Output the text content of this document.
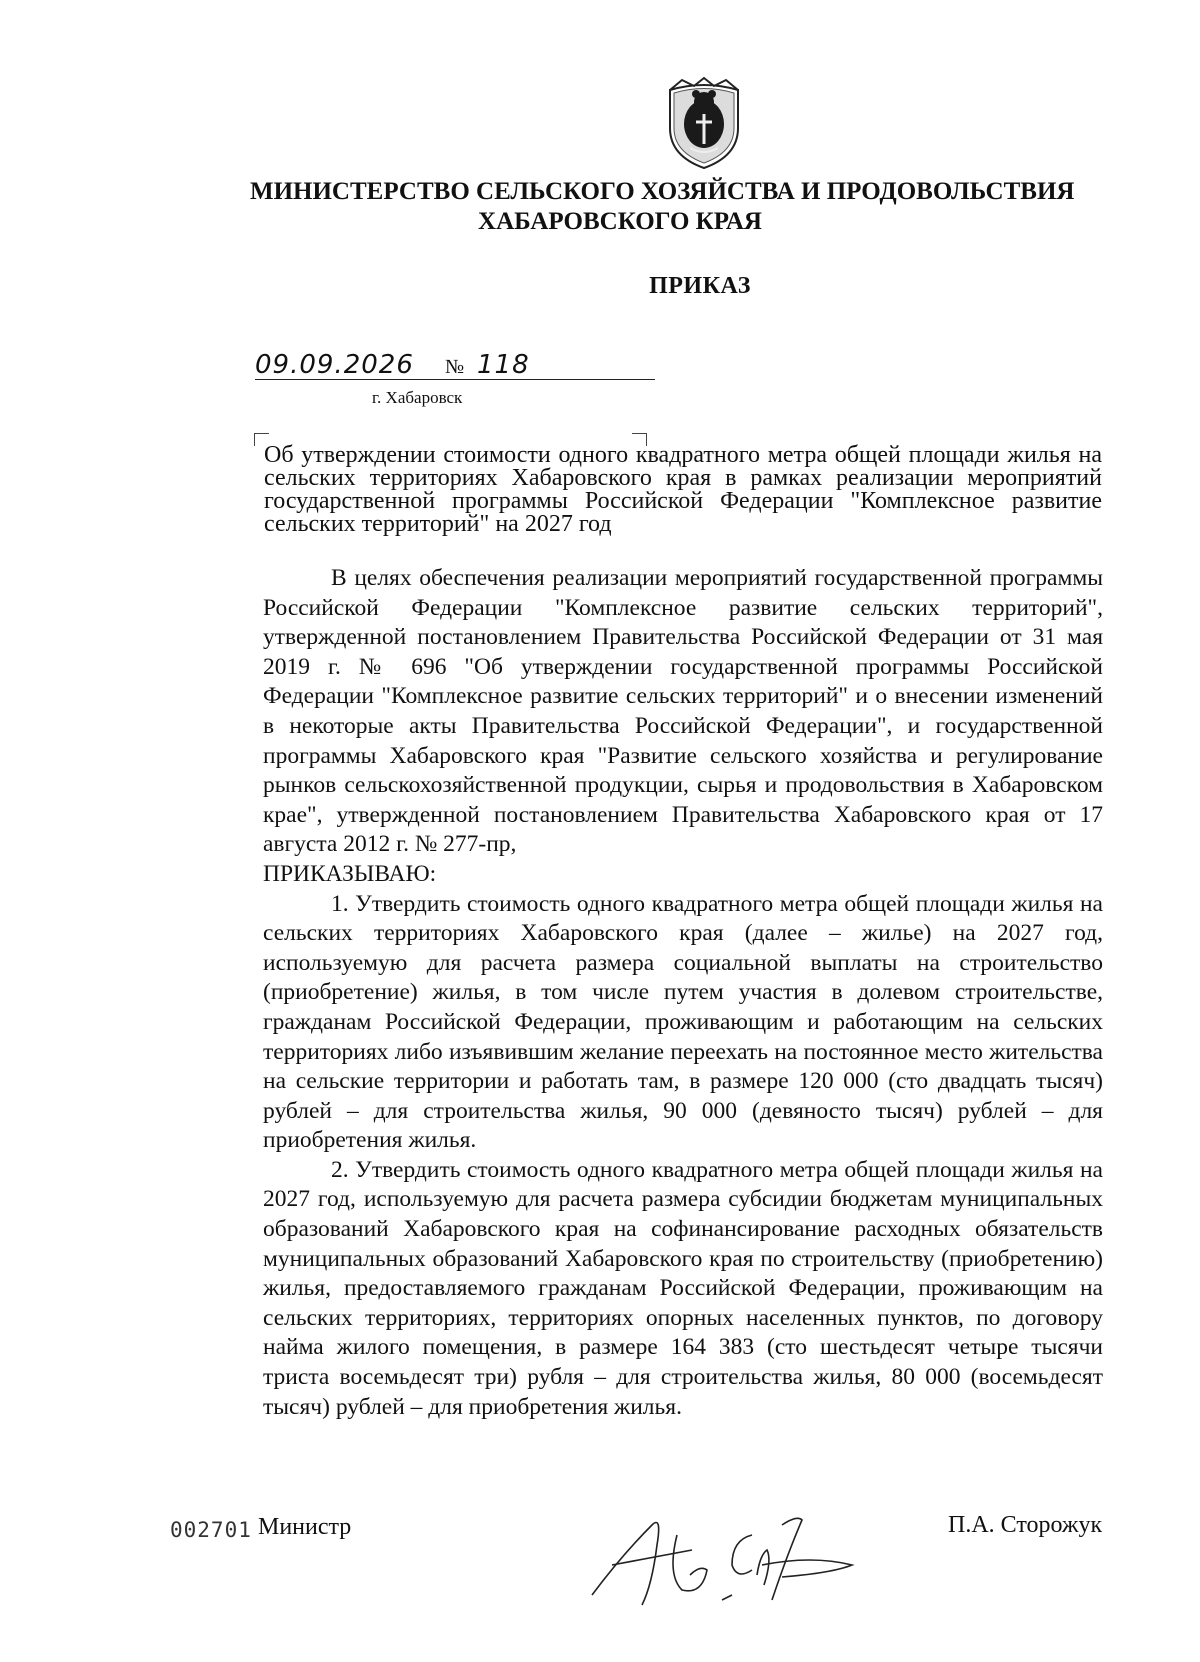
МИНИСТЕРСТВО СЕЛЬСКОГО ХОЗЯЙСТВА И ПРОДОВОЛЬСТВИЯ
ХАБАРОВСКОГО КРАЯ
ПРИКАЗ
09.09.2026 № 118
г. Хабаровск
Об утверждении стоимости одного квадратного метра общей площади жилья на сельских территориях Хабаровского края в рамках реализации мероприятий государственной программы Российской Федерации "Комплексное развитие сельских территорий" на 2027 год

В целях обеспечения реализации мероприятий государственной программы Российской Федерации "Комплексное развитие сельских территорий", утвержденной постановлением Правительства Российской Федерации от 31 мая 2019 г. № 696 "Об утверждении государственной программы Российской Федерации "Комплексное развитие сельских территорий" и о внесении изменений в некоторые акты Правительства Российской Федерации", и государственной программы Хабаровского края "Развитие сельского хозяйства и регулирование рынков сельскохозяйственной продукции, сырья и продовольствия в Хабаровском крае", утвержденной постановлением Правительства Хабаровского края от 17 августа 2012 г. № 277-пр,

ПРИКАЗЫВАЮ:

1. Утвердить стоимость одного квадратного метра общей площади жилья на сельских территориях Хабаровского края (далее – жилье) на 2027 год, используемую для расчета размера социальной выплаты на строительство (приобретение) жилья, в том числе путем участия в долевом строительстве, гражданам Российской Федерации, проживающим и работающим на сельских территориях либо изъявившим желание переехать на постоянное место жительства на сельские территории и работать там, в размере 120 000 (сто двадцать тысяч) рублей – для строительства жилья, 90 000 (девяносто тысяч) рублей – для приобретения жилья.

2. Утвердить стоимость одного квадратного метра общей площади жилья на 2027 год, используемую для расчета размера субсидии бюджетам муниципальных образований Хабаровского края на софинансирование расходных обязательств муниципальных образований Хабаровского края по строительству (приобретению) жилья, предоставляемого гражданам Российской Федерации, проживающим на сельских территориях, территориях опорных населенных пунктов, по договору найма жилого помещения, в размере 164 383 (сто шестьдесят четыре тысячи триста восемьдесят три) рубля – для строительства жилья, 80 000 (восемьдесят тысяч) рублей – для приобретения жилья.

002701 Министр	П.А. Сторожук
